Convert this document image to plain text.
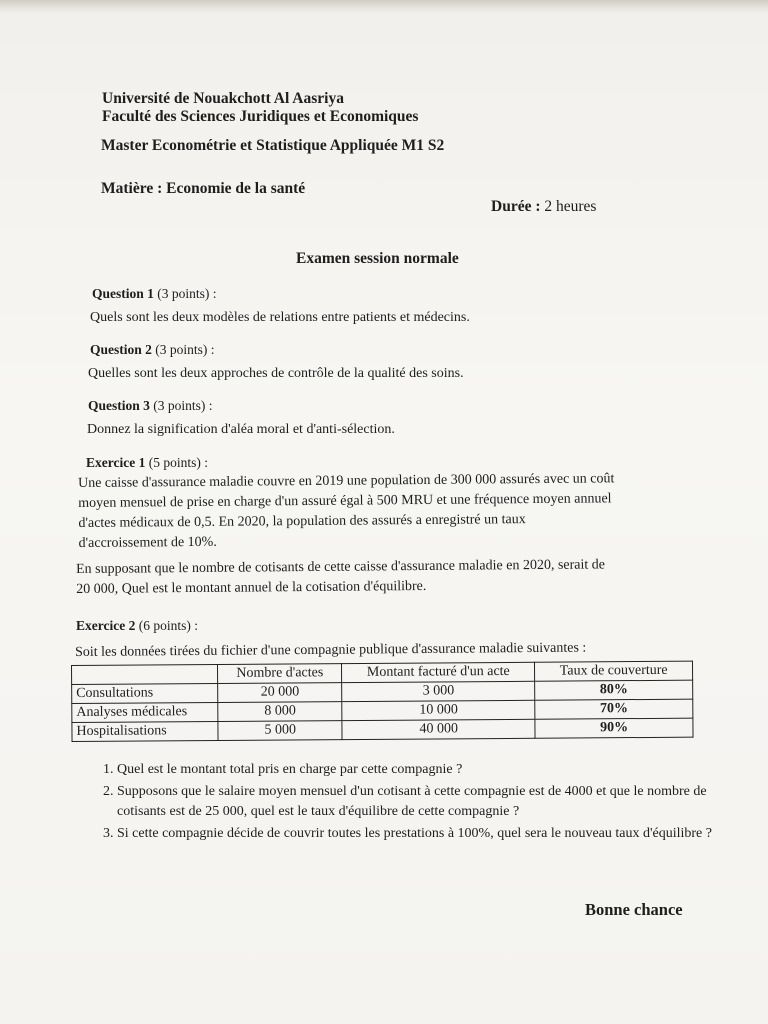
Université de Nouakchott Al Aasriya
Faculté des Sciences Juridiques et Economiques
Master Econométrie et Statistique Appliquée M1 S2
Matière : Economie de la santé
Durée : 2 heures
Examen session normale
Question 1 (3 points) :
Quels sont les deux modèles de relations entre patients et médecins.
Question 2 (3 points) :
Quelles sont les deux approches de contrôle de la qualité des soins.
Question 3 (3 points) :
Donnez la signification d'aléa moral et d'anti-sélection.
Exercice 1 (5 points) :
Une caisse d'assurance maladie couvre en 2019 une population de 300 000 assurés avec un coût
moyen mensuel de prise en charge d'un assuré égal à 500 MRU et une fréquence moyen annuel
d'actes médicaux de 0,5. En 2020, la population des assurés a enregistré un taux
d'accroissement de 10%.
En supposant que le nombre de cotisants de cette caisse d'assurance maladie en 2020, serait de
20 000, Quel est le montant annuel de la cotisation d'équilibre.
Exercice 2 (6 points) :
Soit les données tirées du fichier d'une compagnie publique d'assurance maladie suivantes :
	Nombre d'actes	Montant facturé d'un acte	Taux de couverture
Consultations	20 000	3 000	80%
Analyses médicales	8 000	10 000	70%
Hospitalisations	5 000	40 000	90%
1. Quel est le montant total pris en charge par cette compagnie ?
2. Supposons que le salaire moyen mensuel d'un cotisant à cette compagnie est de 4000 et que le nombre de cotisants est de 25 000, quel est le taux d'équilibre de cette compagnie ?
3. Si cette compagnie décide de couvrir toutes les prestations à 100%, quel sera le nouveau taux d'équilibre ?
Bonne chance
